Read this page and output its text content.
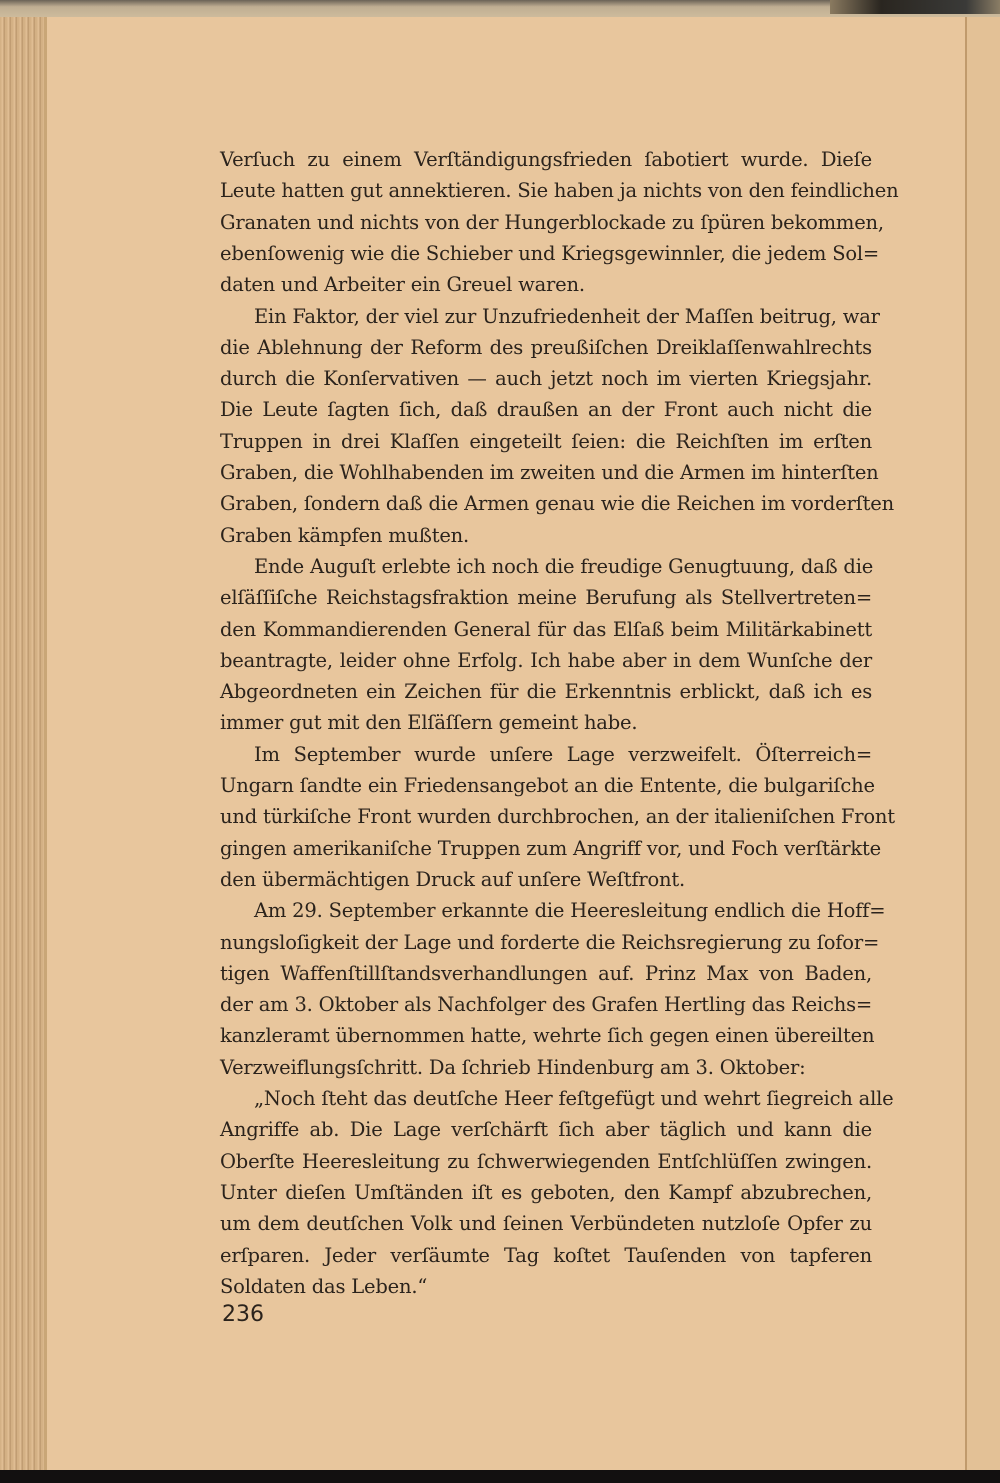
Verſuch zu einem Verſtändigungsfrieden ſabotiert wurde. Dieſe
Leute hatten gut annektieren. Sie haben ja nichts von den feindlichen
Granaten und nichts von der Hungerblockade zu ſpüren bekommen,
ebenſowenig wie die Schieber und Kriegsgewinnler, die jedem Sol=
daten und Arbeiter ein Greuel waren.
Ein Faktor, der viel zur Unzufriedenheit der Maſſen beitrug, war
die Ablehnung der Reform des preußiſchen Dreiklaſſenwahlrechts
durch die Konſervativen — auch jetzt noch im vierten Kriegsjahr.
Die Leute ſagten ſich, daß draußen an der Front auch nicht die
Truppen in drei Klaſſen eingeteilt ſeien: die Reichſten im erſten
Graben, die Wohlhabenden im zweiten und die Armen im hinterſten
Graben, ſondern daß die Armen genau wie die Reichen im vorderſten
Graben kämpfen mußten.
Ende Auguſt erlebte ich noch die freudige Genugtuung, daß die
elſäſſiſche Reichstagsfraktion meine Berufung als Stellvertreten=
den Kommandierenden General für das Elſaß beim Militärkabinett
beantragte, leider ohne Erfolg. Ich habe aber in dem Wunſche der
Abgeordneten ein Zeichen für die Erkenntnis erblickt, daß ich es
immer gut mit den Elſäſſern gemeint habe.
Im September wurde unſere Lage verzweifelt. Öſterreich=
Ungarn ſandte ein Friedensangebot an die Entente, die bulgariſche
und türkiſche Front wurden durchbrochen, an der italieniſchen Front
gingen amerikaniſche Truppen zum Angriff vor, und Foch verſtärkte
den übermächtigen Druck auf unſere Weſtfront.
Am 29. September erkannte die Heeresleitung endlich die Hoff=
nungsloſigkeit der Lage und forderte die Reichsregierung zu ſofor=
tigen Waffenſtillſtandsverhandlungen auf. Prinz Max von Baden,
der am 3. Oktober als Nachfolger des Grafen Hertling das Reichs=
kanzleramt übernommen hatte, wehrte ſich gegen einen übereilten
Verzweiflungsſchritt. Da ſchrieb Hindenburg am 3. Oktober:
„Noch ſteht das deutſche Heer feſtgefügt und wehrt ſiegreich alle
Angriffe ab. Die Lage verſchärft ſich aber täglich und kann die
Oberſte Heeresleitung zu ſchwerwiegenden Entſchlüſſen zwingen.
Unter dieſen Umſtänden iſt es geboten, den Kampf abzubrechen,
um dem deutſchen Volk und ſeinen Verbündeten nutzloſe Opfer zu
erſparen. Jeder verſäumte Tag koſtet Tauſenden von tapferen
Soldaten das Leben.“
236
